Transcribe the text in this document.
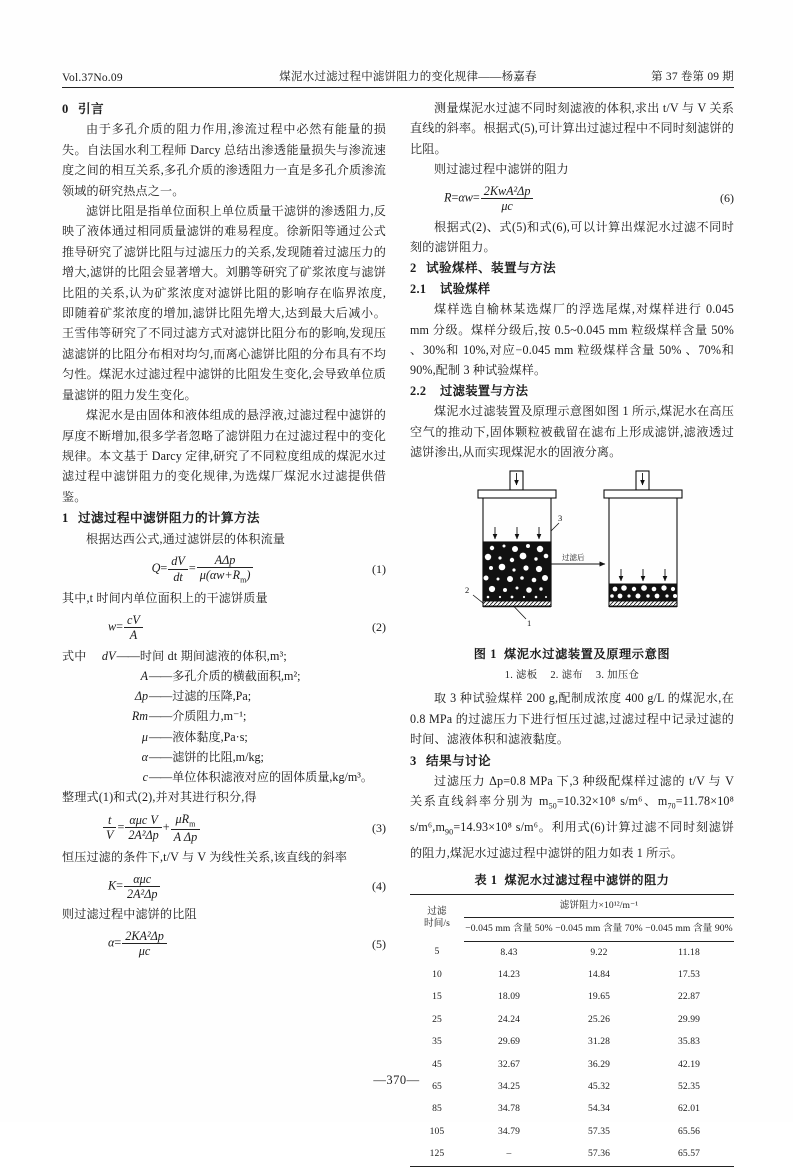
Vol.37No.09	煤泥水过滤过程中滤饼阻力的变化规律——杨嘉春	第 37 卷第 09 期
0 引言

由于多孔介质的阻力作用,渗流过程中必然有能量的损失。自法国水利工程师 Darcy 总结出渗透能量损失与渗流速度之间的相互关系,多孔介质的渗透阻力一直是多孔介质渗流领域的研究热点之一。

滤饼比阻是指单位面积上单位质量干滤饼的渗透阻力,反映了液体通过相同质量滤饼的难易程度。徐新阳等通过公式推导研究了滤饼比阻与过滤压力的关系,发现随着过滤压力的增大,滤饼的比阻会显著增大。刘鹏等研究了矿浆浓度与滤饼比阻的关系,认为矿浆浓度对滤饼比阻的影响存在临界浓度,即随着矿浆浓度的增加,滤饼比阻先增大,达到最大后减小。王雪伟等研究了不同过滤方式对滤饼比阻分布的影响,发现压滤滤饼的比阻分布相对均匀,而离心滤饼比阻的分布具有不均匀性。煤泥水过滤过程中滤饼的比阻发生变化,会导致单位质量滤饼的阻力发生变化。

煤泥水是由固体和液体组成的悬浮液,过滤过程中滤饼的厚度不断增加,很多学者忽略了滤饼阻力在过滤过程中的变化规律。本文基于 Darcy 定律,研究了不同粒度组成的煤泥水过滤过程中滤饼阻力的变化规律,为选煤厂煤泥水过滤提供借鉴。

1 过滤过程中滤饼阻力的计算方法

根据达西公式,通过滤饼层的体积流量

$Q= \frac{dV}{dt} = \frac{\text{AΔp}}{\mu(\alpha w+R_m)}$	(1)

其中,t 时间内单位面积上的干滤饼质量

$w= \frac{cV}{A}$	(2)
式中 dV —— 时间 dt 期间滤液的体积,m³;
A —— 多孔介质的横截面积,m²;
Δp —— 过滤的压降,Pa;
Rm —— 介质阻力,m⁻¹;
μ —— 液体黏度,Pa·s;
α —— 滤饼的比阻,m/kg;
c —— 单位体积滤液对应的固体质量,kg/m³。

整理式(1)和式(2),并对其进行积分,得

$\frac{t}{V} = \frac{\text{αμc V}}{\text{2A²Δp}} + \frac{\mu R_m}{\text{A Δp}}$	(3)

恒压过滤的条件下,t/V 与 V 为线性关系,该直线的斜率

$K= \frac{\text{αμc}}{\text{2A²Δp}}$	(4)

则过滤过程中滤饼的比阻

$\alpha= \frac{\text{2KA²Δp}}{\mu c}$	(5)

测量煤泥水过滤不同时刻滤液的体积,求出 t/V 与 V 关系直线的斜率。根据式(5),可计算出过滤过程中不同时刻滤饼的比阻。

则过滤过程中滤饼的阻力

$R=\alpha w= \frac{\text{2KwA²Δp}}{\mu c}$	(6)

根据式(2)、式(5)和式(6),可以计算出煤泥水过滤不同时刻的滤饼阻力。

2 试验煤样、装置与方法
2.1 试验煤样

煤样选自榆林某选煤厂的浮选尾煤,对煤样进行 0.045 mm 分级。煤样分级后,按 0.5~0.045 mm 粒级煤样含量 50% 、30%和 10%,对应−0.045 mm 粒级煤样含量 50% 、70%和 90%,配制 3 种试验煤样。

2.2 过滤装置与方法

煤泥水过滤装置及原理示意图如图 1 所示,煤泥水在高压空气的推动下,固体颗粒被截留在滤布上形成滤饼,滤液透过滤饼渗出,从而实现煤泥水的固液分离。

3
2
1
过滤后
图 1 煤泥水过滤装置及原理示意图
1. 滤板 2. 滤布 3. 加压仓

取 3 种试验煤样 200 g,配制成浓度 400 g/L 的煤泥水,在 0.8 MPa 的过滤压力下进行恒压过滤,过滤过程中记录过滤的时间、滤液体积和滤液黏度。

3 结果与讨论

过滤压力 Δp=0.8 MPa 下,3 种级配煤样过滤的 t/V 与 V 关系直线斜率分别为 $m_{50}=10.32\times 10^8$ s/m⁶、$m_{70}=11.78\times 10^8$ $s/m^6,m_{90}=14.93\times 10^8$ s/m⁶。利用式(6)计算过滤不同时刻滤饼的阻力,煤泥水过滤过程中滤饼的阻力如表 1 所示。

表 1 煤泥水过滤过程中滤饼的阻力
过滤
时间/s	滤饼阻力×10¹²/m⁻¹		
	−0.045 mm 含量 50%	−0.045 mm 含量 70%	−0.045 mm 含量 90%
5	8.43	9.22	11.18
10	14.23	14.84	17.53
15	18.09	19.65	22.87
25	24.24	25.26	29.99
35	29.69	31.28	35.83
45	32.67	36.29	42.19
65	34.25	45.32	52.35
85	34.78	54.34	62.01
105	34.79	57.35	65.56
125	–	57.36	65.57
—370—
